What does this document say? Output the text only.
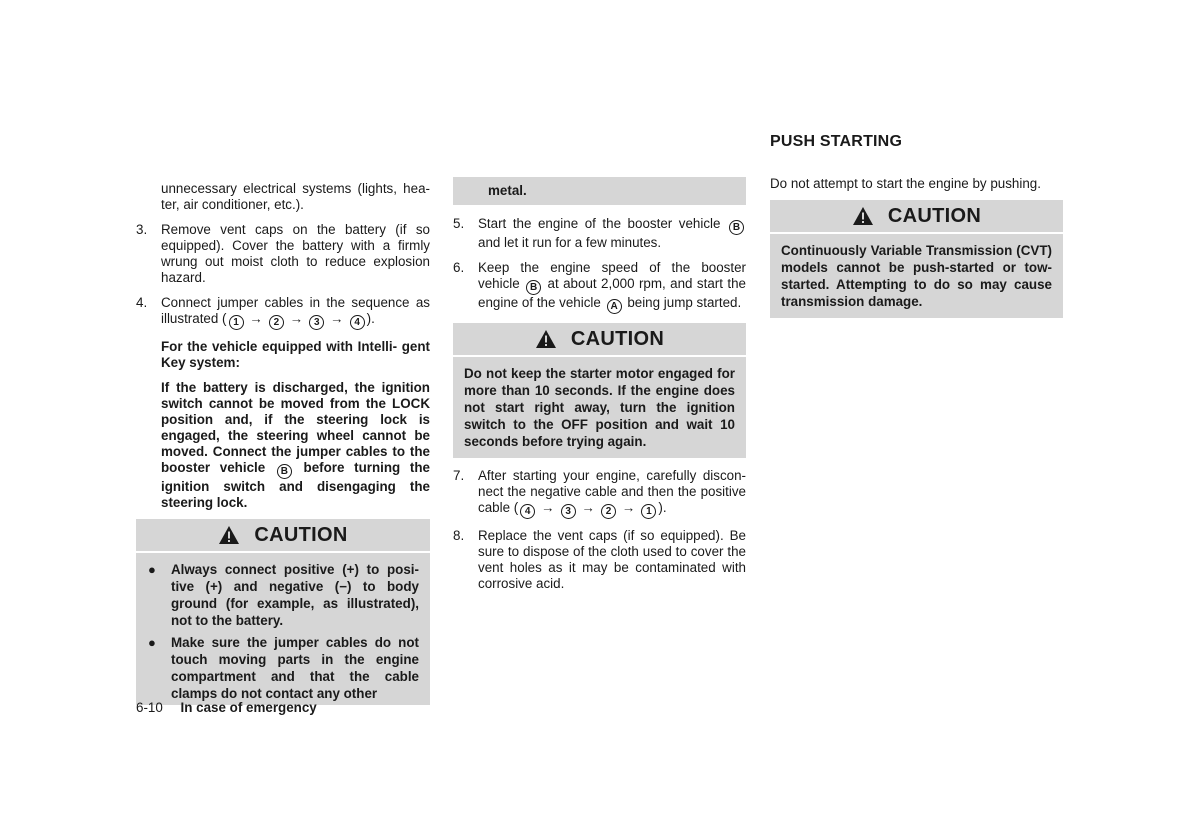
unnecessary electrical systems (lights, hea- ter, air conditioner, etc.).

3.	Remove vent caps on the battery (if so equipped). Cover the battery with a firmly wrung out moist cloth to reduce explosion hazard.
4.	Connect jumper cables in the sequence as illustrated ( 1 → 2 → 3 → 4 ).

For the vehicle equipped with Intelli- gent Key system:

If the battery is discharged, the ignition switch cannot be moved from the LOCK position and, if the steering lock is engaged, the steering wheel cannot be moved. Connect the jumper cables to the booster vehicle B before turning the ignition switch and disengaging the steering lock.

CAUTION
●	Always connect positive (+) to posi- tive (+) and negative (−) to body ground (for example, as illustrated), not to the battery.
●	Make sure the jumper cables do not touch moving parts in the engine compartment and that the cable clamps do not contact any other
metal.
5.	Start the engine of the booster vehicle B and let it run for a few minutes.
6.	Keep the engine speed of the booster vehicle B at about 2,000 rpm, and start the engine of the vehicle A being jump started.
CAUTION
Do not keep the starter motor engaged for more than 10 seconds. If the engine does not start right away, turn the ignition switch to the OFF position and wait 10 seconds before trying again.
7.	After starting your engine, carefully discon- nect the negative cable and then the positive cable ( 4 → 3 → 2 → 1 ).
8.	Replace the vent caps (if so equipped). Be sure to dispose of the cloth used to cover the vent holes as it may be contaminated with corrosive acid.
PUSH STARTING

Do not attempt to start the engine by pushing.

CAUTION
Continuously Variable Transmission (CVT) models cannot be push-started or tow-started. Attempting to do so may cause transmission damage.
6-10 In case of emergency
